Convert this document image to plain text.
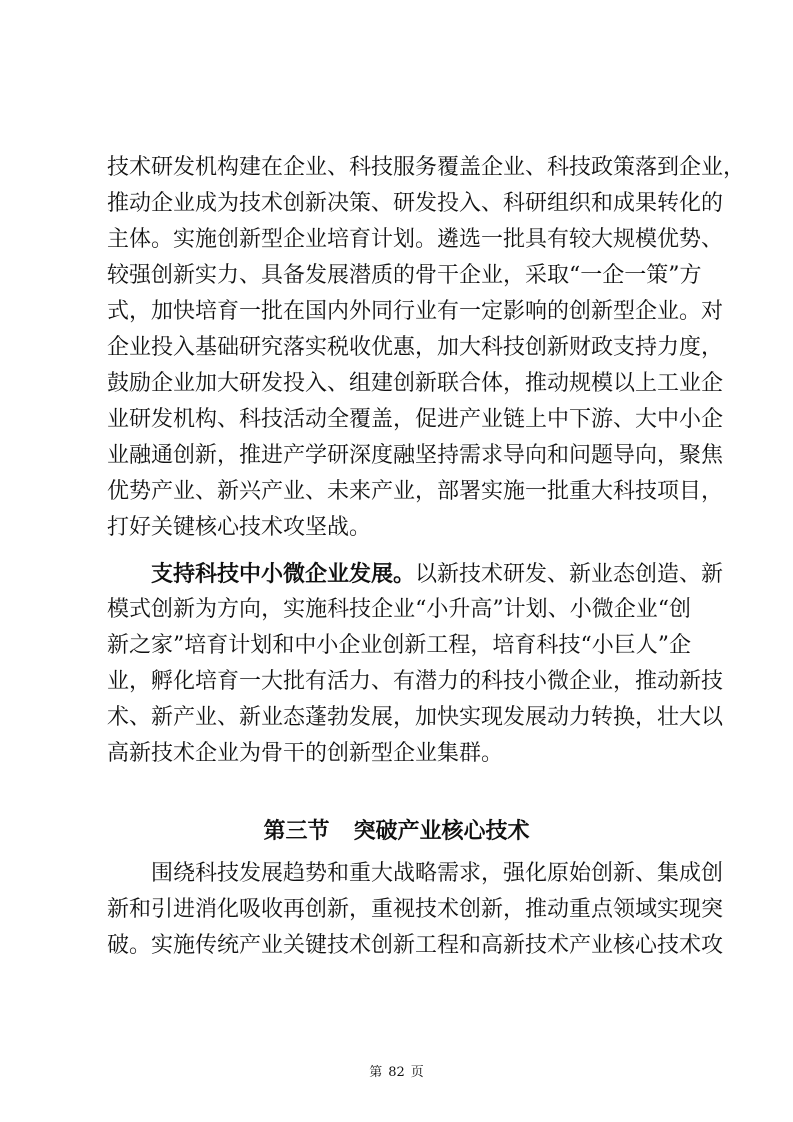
技术研发机构建在企业、科技服务覆盖企业、科技政策落到企业，
推动企业成为技术创新决策、研发投入、科研组织和成果转化的
主体。实施创新型企业培育计划。遴选一批具有较大规模优势、
较强创新实力、具备发展潜质的骨干企业，采取“一企一策”方
式，加快培育一批在国内外同行业有一定影响的创新型企业。对
企业投入基础研究落实税收优惠，加大科技创新财政支持力度，
鼓励企业加大研发投入、组建创新联合体，推动规模以上工业企
业研发机构、科技活动全覆盖，促进产业链上中下游、大中小企
业融通创新，推进产学研深度融坚持需求导向和问题导向，聚焦
优势产业、新兴产业、未来产业，部署实施一批重大科技项目，
打好关键核心技术攻坚战。
支持科技中小微企业发展。以新技术研发、新业态创造、新
模式创新为方向，实施科技企业“小升高”计划、小微企业“创
新之家”培育计划和中小企业创新工程，培育科技“小巨人”企
业，孵化培育一大批有活力、有潜力的科技小微企业，推动新技
术、新产业、新业态蓬勃发展，加快实现发展动力转换，壮大以
高新技术企业为骨干的创新型企业集群。
第三节 突破产业核心技术
围绕科技发展趋势和重大战略需求，强化原始创新、集成创
新和引进消化吸收再创新，重视技术创新，推动重点领域实现突
破。实施传统产业关键技术创新工程和高新技术产业核心技术攻
第 82 页
